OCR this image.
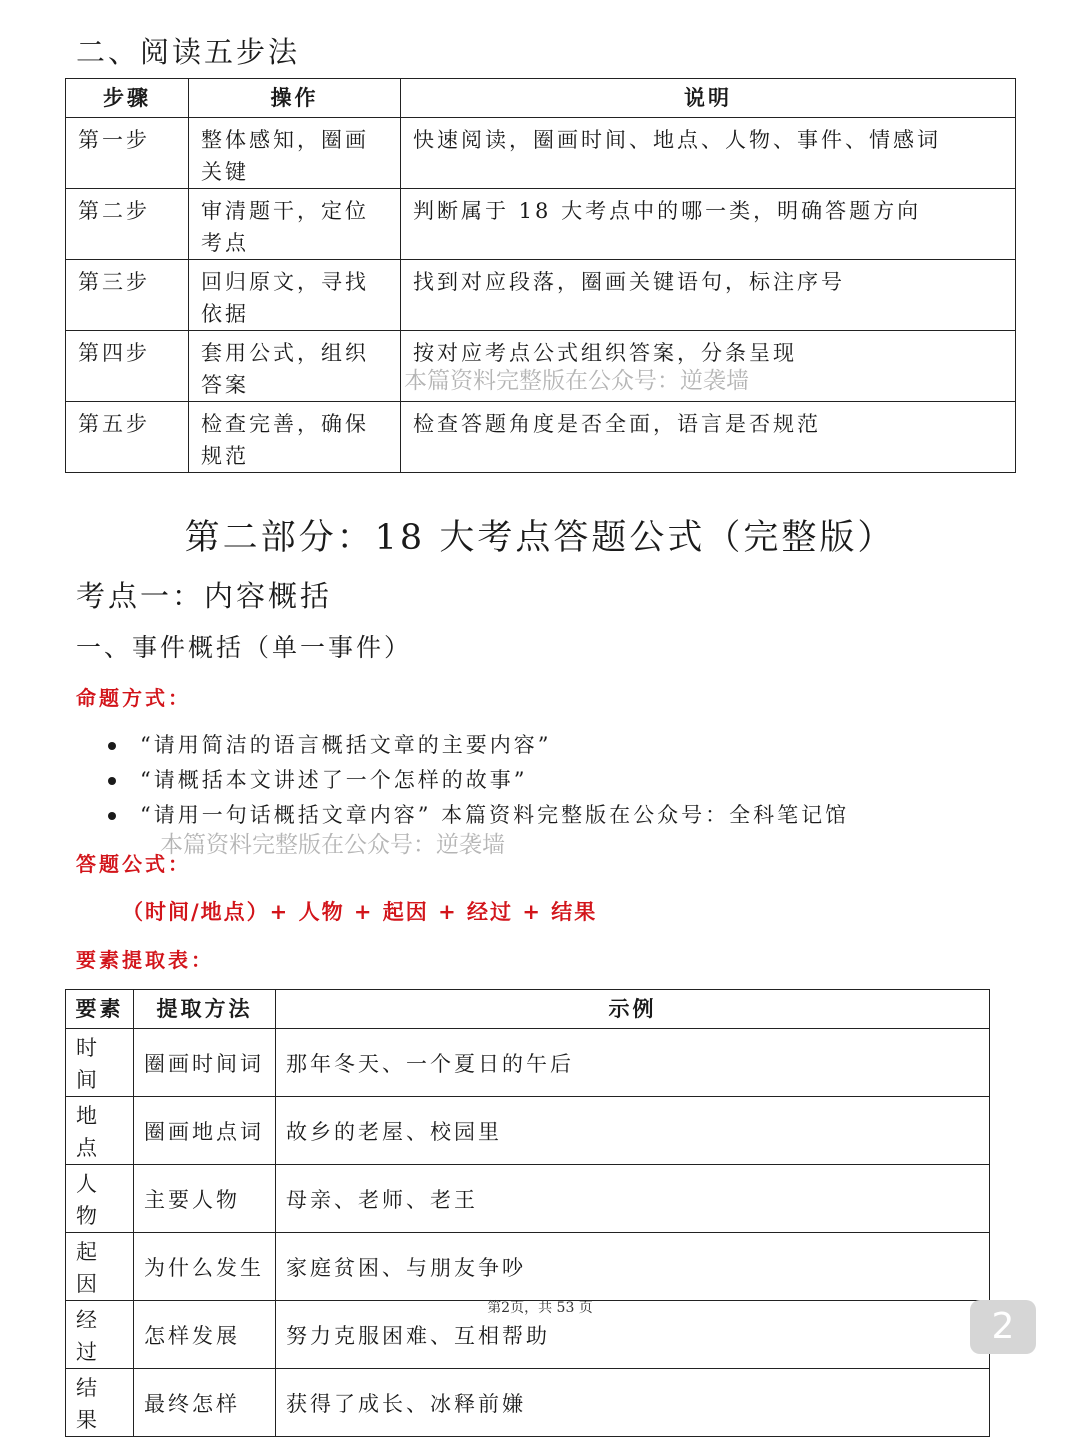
二、阅读五步法
步骤	操作	说明
第一步	整体感知，圈画关键	快速阅读，圈画时间、地点、人物、事件、情感词
第二步	审清题干，定位考点	判断属于 18 大考点中的哪一类，明确答题方向
第三步	回归原文，寻找依据	找到对应段落，圈画关键语句，标注序号
第四步	套用公式，组织答案	按对应考点公式组织答案，分条呈现
第五步	检查完善，确保规范	检查答题角度是否全面，语言是否规范
本篇资料完整版在公众号：逆袭墙
第二部分：18 大考点答题公式（完整版）
考点一：内容概括
一、事件概括（单一事件）
命题方式：
“请用简洁的语言概括文章的主要内容”
“请概括本文讲述了一个怎样的故事”
“请用一句话概括文章内容” 本篇资料完整版在公众号：全科笔记馆
本篇资料完整版在公众号：逆袭墙
答题公式：
（时间/地点）+ 人物 + 起因 + 经过 + 结果
要素提取表：
要素	提取方法	示例
时间	圈画时间词	那年冬天、一个夏日的午后
地点	圈画地点词	故乡的老屋、校园里
人物	主要人物	母亲、老师、老王
起因	为什么发生	家庭贫困、与朋友争吵
经过	怎样发展	努力克服困难、互相帮助
结果	最终怎样	获得了成长、冰释前嫌
第2页，共 53 页	2
